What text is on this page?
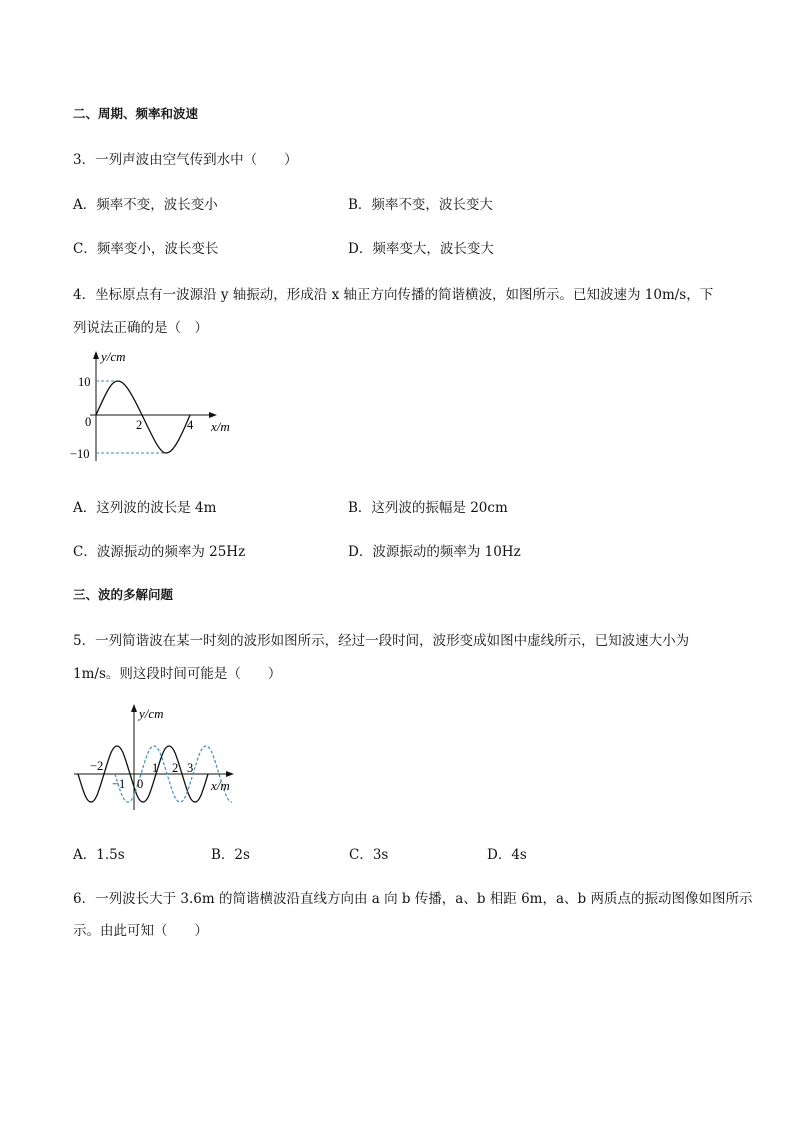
二、周期、频率和波速
3．一列声波由空气传到水中（　　）
A．频率不变，波长变小	B．频率不变，波长变大
C．频率变小，波长变长	D．频率变大，波长变大
4．坐标原点有一波源沿 y 轴振动，形成沿 x 轴正方向传播的简谐横波，如图所示。已知波速为 10m/s，下
列说法正确的是（　）
y/cm
x/m
10
−10
0	2	4
A．这列波的波长是 4m	B．这列波的振幅是 20cm
C．波源振动的频率为 25Hz	D．波源振动的频率为 10Hz
三、波的多解问题
5．一列简谐波在某一时刻的波形如图所示，经过一段时间，波形变成如图中虚线所示，已知波速大小为
1m/s。则这段时间可能是（　　）
y/cm
x/m
−2
−1 0
1 2 3
A．1.5s	B．2s	C．3s	D．4s
6．一列波长大于 3.6m 的简谐横波沿直线方向由 a 向 b 传播，a、b 相距 6m，a、b 两质点的振动图像如图所示
示。由此可知（　　）
